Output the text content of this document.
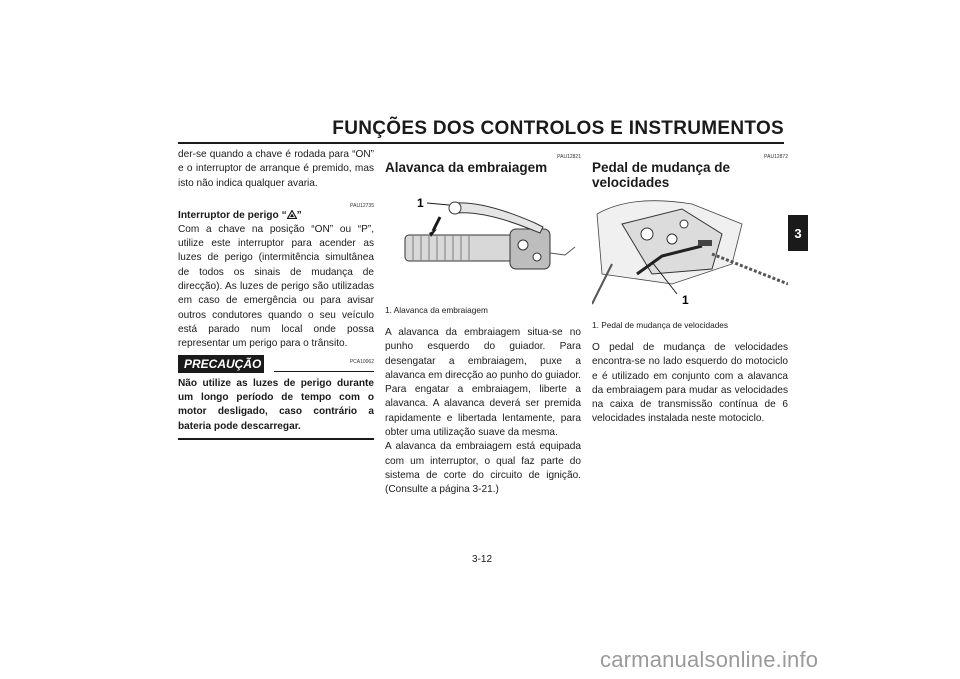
FUNÇÕES DOS CONTROLOS E INSTRUMENTOS
3

der-se quando a chave é rodada para “ON” e o interruptor de arranque é premido, mas isto não indica qualquer avaria.

PAU12735
Interruptor de perigo “ ”

Com a chave na posição “ON” ou “P”, utilize este interruptor para acender as luzes de perigo (intermitência simultânea de todos os sinais de mudança de direcção). As luzes de perigo são utilizadas em caso de emergência ou para avisar outros condutores quando o seu veículo está parado num local onde possa representar um perigo para o trânsito.

PRECAUÇÃO	PCA10062

Não utilize as luzes de perigo durante um longo período de tempo com o motor desligado, caso contrário a bateria pode descarregar.

PAU12821
Alavanca da embraiagem
1
1. Alavanca da embraiagem

A alavanca da embraiagem situa-se no punho esquerdo do guiador. Para desengatar a embraiagem, puxe a alavanca em direcção ao punho do guiador. Para engatar a embraiagem, liberte a alavanca. A alavanca deverá ser premida rapidamente e libertada lentamente, para obter uma utilização suave da mesma.

A alavanca da embraiagem está equipada com um interruptor, o qual faz parte do sistema de corte do circuito de ignição. (Consulte a página 3-21.)

PAU12872
Pedal de mudança de velocidades
1
1. Pedal de mudança de velocidades

O pedal de mudança de velocidades encontra-se no lado esquerdo do motociclo e é utilizado em conjunto com a alavanca da embraiagem para mudar as velocidades na caixa de transmissão contínua de 6 velocidades instalada neste motociclo.

3-12
carmanualsonline.info
